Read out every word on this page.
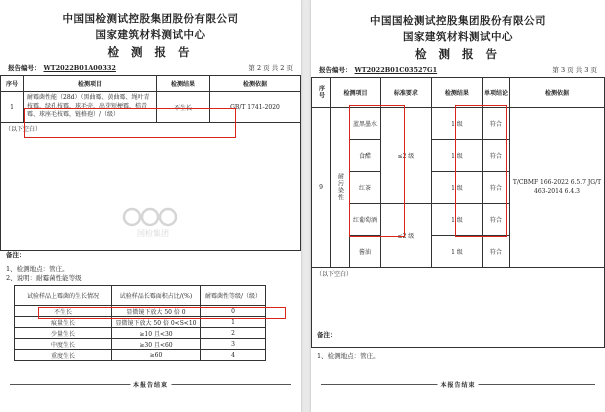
中国国检测试控股集团股份有限公司
国家建筑材料测试中心
检 测 报 告
报告编号： WT2022B01A00332	第 2 页 共 2 页
序号	检测项目	检测结果	检测依据
1	耐霉菌性能（28d）（黑曲霉、黄曲霉、绳叶青枝霉、绿孔枝霉、球毛壳、出芽短梗霉、桔青霉、球座毛枝霉，链格孢）/（级）	不生长	GB/T 1741-2020
（以下空白）			
国检集团
备注：
1、检测地点：管庄。
2、说明：耐霉菌性能等级
试验样品上霉菌的生长情况	试验样品长霉面积占比/(%)	耐霉菌性等级/（级）
不生长	显微镜下放大 50 倍 0	0
痕量生长	显微镜下放大 50 倍 0<S<10	1
少量生长	≥10 且<30	2
中度生长	≥30 且<60	3
重度生长	≥60	4
本报告结束
中国国检测试控股集团股份有限公司
国家建筑材料测试中心
检 测 报 告
报告编号： WT2022B01C03527G1	第 3 页 共 3 页
序号	检测项目		标准要求	检测结果	单项结论	检测依据
9	耐污染性	蓝黑墨水	≤2 级	1 级	符合	T/CBMF 166-2022 6.5.7 JG/T 463-2014 6.4.3
		食醋		1 级	符合	
		红茶		1 级	符合	
		红葡萄酒	≤2 级	1 级	符合	
		酱油		1 级	符合	
（以下空白）						
备注：
1、检测地点：管庄。
本报告结束
